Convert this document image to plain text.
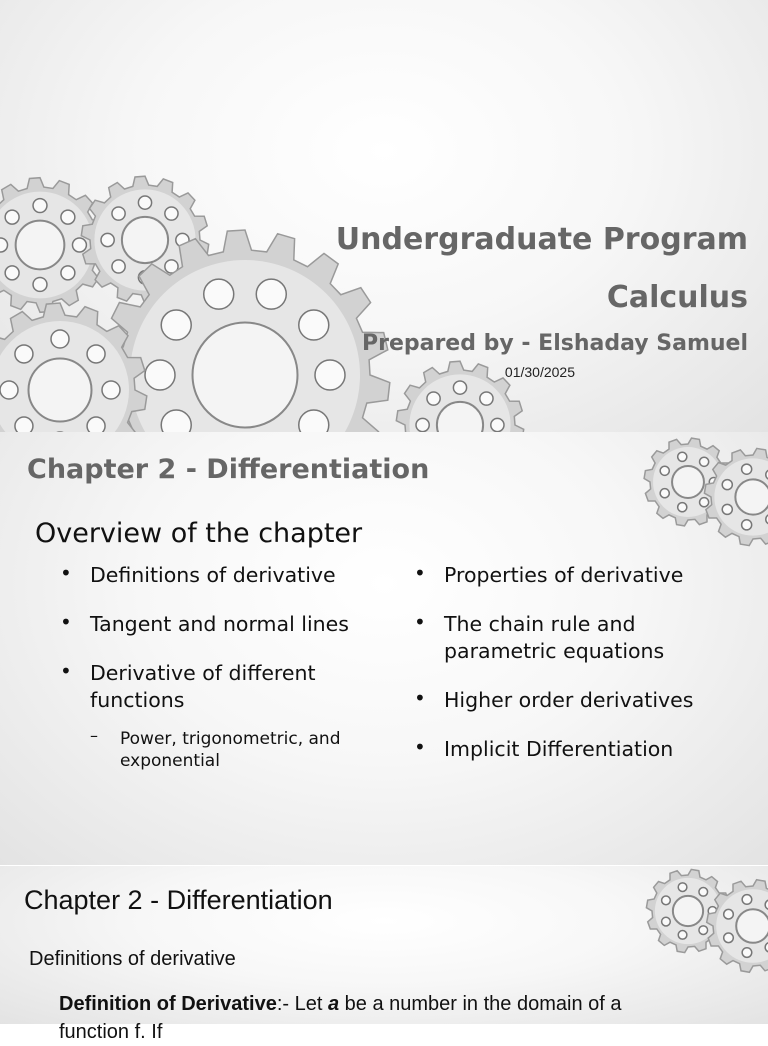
Undergraduate Program

Calculus

Prepared by - Elshaday Samuel

01/30/2025

Chapter 2 - Differentiation

Overview of the chapter

• Definitions of derivative
• Tangent and normal lines
• Derivative of different functions
– Power, trigonometric, and exponential
• Properties of derivative
• The chain rule and parametric equations
• Higher order derivatives
• Implicit Differentiation

Chapter 2 - Differentiation

Definitions of derivative

Definition of Derivative:- Let a be a number in the domain of a
function f. If
